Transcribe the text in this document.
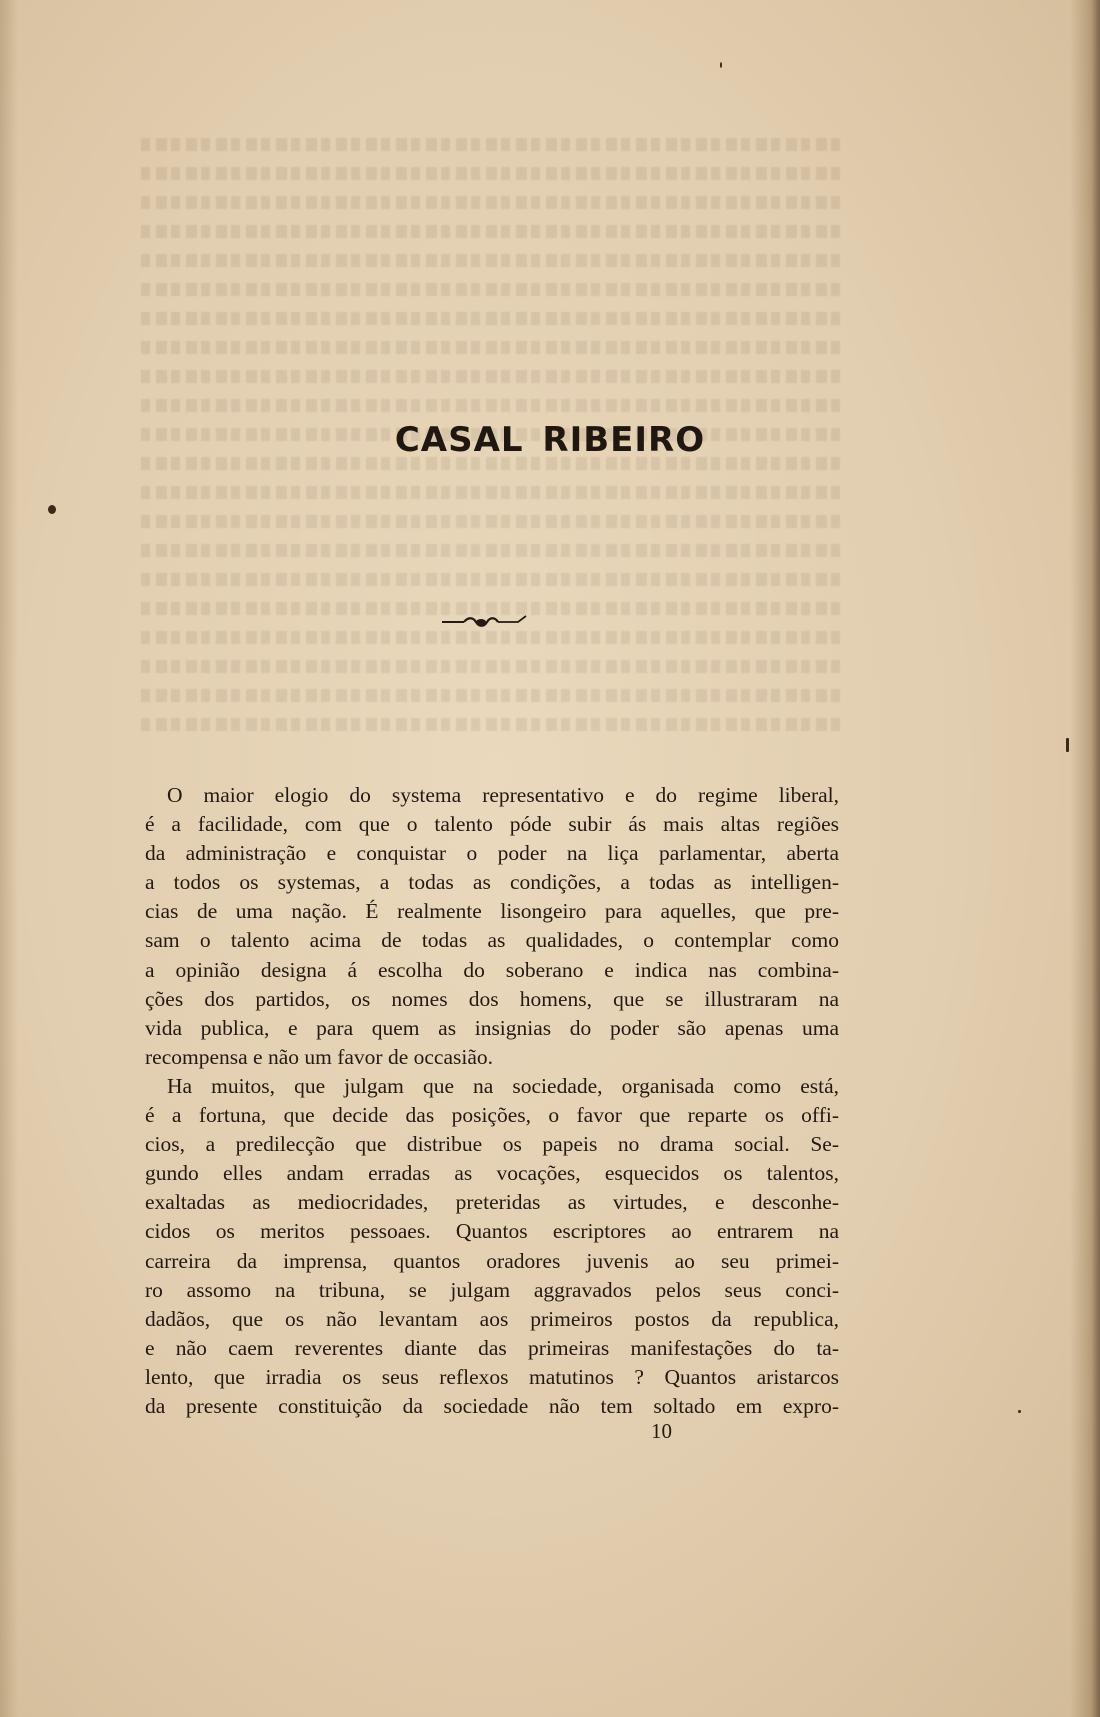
CASAL RIBEIRO
O maior elogio do systema representativo e do regime liberal,
é a facilidade, com que o talento póde subir ás mais altas regiões
da administração e conquistar o poder na liça parlamentar, aberta
a todos os systemas, a todas as condições, a todas as intelligen-
cias de uma nação. É realmente lisongeiro para aquelles, que pre-
sam o talento acima de todas as qualidades, o contemplar como
a opinião designa á escolha do soberano e indica nas combina-
ções dos partidos, os nomes dos homens, que se illustraram na
vida publica, e para quem as insignias do poder são apenas uma
recompensa e não um favor de occasião.
Ha muitos, que julgam que na sociedade, organisada como está,
é a fortuna, que decide das posições, o favor que reparte os offi-
cios, a predilecção que distribue os papeis no drama social. Se-
gundo elles andam erradas as vocações, esquecidos os talentos,
exaltadas as mediocridades, preteridas as virtudes, e desconhe-
cidos os meritos pessoaes. Quantos escriptores ao entrarem na
carreira da imprensa, quantos oradores juvenis ao seu primei-
ro assomo na tribuna, se julgam aggravados pelos seus conci-
dadãos, que os não levantam aos primeiros postos da republica,
e não caem reverentes diante das primeiras manifestações do ta-
lento, que irradia os seus reflexos matutinos ? Quantos aristarcos
da presente constituição da sociedade não tem soltado em expro-
10
